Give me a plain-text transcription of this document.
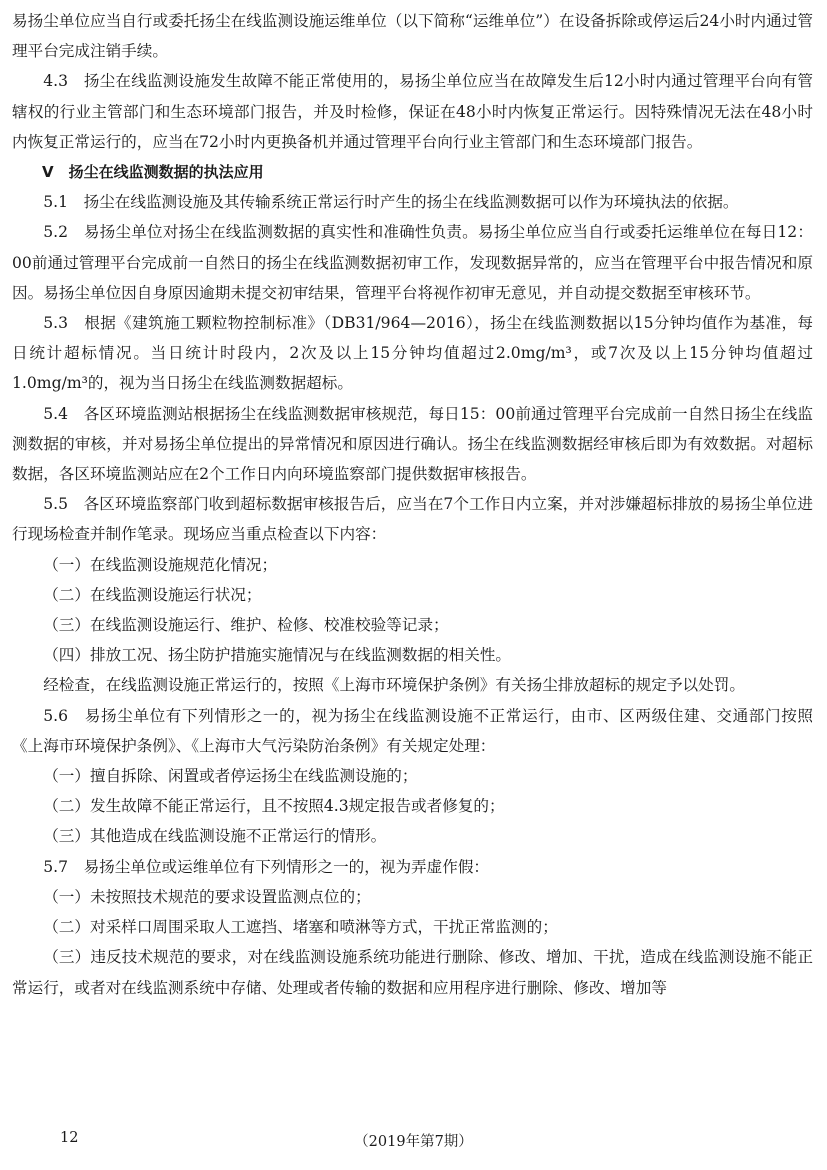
易扬尘单位应当自行或委托扬尘在线监测设施运维单位（以下简称“运维单位”）在设备拆除或停运后24小时内通过管理平台完成注销手续。

4.3　扬尘在线监测设施发生故障不能正常使用的，易扬尘单位应当在故障发生后12小时内通过管理平台向有管辖权的行业主管部门和生态环境部门报告，并及时检修，保证在48小时内恢复正常运行。因特殊情况无法在48小时内恢复正常运行的，应当在72小时内更换备机并通过管理平台向行业主管部门和生态环境部门报告。

Ⅴ　扬尘在线监测数据的执法应用

5.1　扬尘在线监测设施及其传输系统正常运行时产生的扬尘在线监测数据可以作为环境执法的依据。

5.2　易扬尘单位对扬尘在线监测数据的真实性和准确性负责。易扬尘单位应当自行或委托运维单位在每日12：00前通过管理平台完成前一自然日的扬尘在线监测数据初审工作，发现数据异常的，应当在管理平台中报告情况和原因。易扬尘单位因自身原因逾期未提交初审结果，管理平台将视作初审无意见，并自动提交数据至审核环节。

5.3　根据《建筑施工颗粒物控制标准》（DB31/964—2016），扬尘在线监测数据以15分钟均值作为基准，每日统计超标情况。当日统计时段内，2次及以上15分钟均值超过2.0mg/m³，或7次及以上15分钟均值超过1.0mg/m³的，视为当日扬尘在线监测数据超标。

5.4　各区环境监测站根据扬尘在线监测数据审核规范，每日15：00前通过管理平台完成前一自然日扬尘在线监测数据的审核，并对易扬尘单位提出的异常情况和原因进行确认。扬尘在线监测数据经审核后即为有效数据。对超标数据，各区环境监测站应在2个工作日内向环境监察部门提供数据审核报告。

5.5　各区环境监察部门收到超标数据审核报告后，应当在7个工作日内立案，并对涉嫌超标排放的易扬尘单位进行现场检查并制作笔录。现场应当重点检查以下内容：

（一）在线监测设施规范化情况；

（二）在线监测设施运行状况；

（三）在线监测设施运行、维护、检修、校准校验等记录；

（四）排放工况、扬尘防护措施实施情况与在线监测数据的相关性。

经检查，在线监测设施正常运行的，按照《上海市环境保护条例》有关扬尘排放超标的规定予以处罚。

5.6　易扬尘单位有下列情形之一的，视为扬尘在线监测设施不正常运行，由市、区两级住建、交通部门按照《上海市环境保护条例》、《上海市大气污染防治条例》有关规定处理：

（一）擅自拆除、闲置或者停运扬尘在线监测设施的；

（二）发生故障不能正常运行，且不按照4.3规定报告或者修复的；

（三）其他造成在线监测设施不正常运行的情形。

5.7　易扬尘单位或运维单位有下列情形之一的，视为弄虚作假：

（一）未按照技术规范的要求设置监测点位的；

（二）对采样口周围采取人工遮挡、堵塞和喷淋等方式，干扰正常监测的；

（三）违反技术规范的要求，对在线监测设施系统功能进行删除、修改、增加、干扰，造成在线监测设施不能正常运行，或者对在线监测系统中存储、处理或者传输的数据和应用程序进行删除、修改、增加等

12	（2019年第7期）
